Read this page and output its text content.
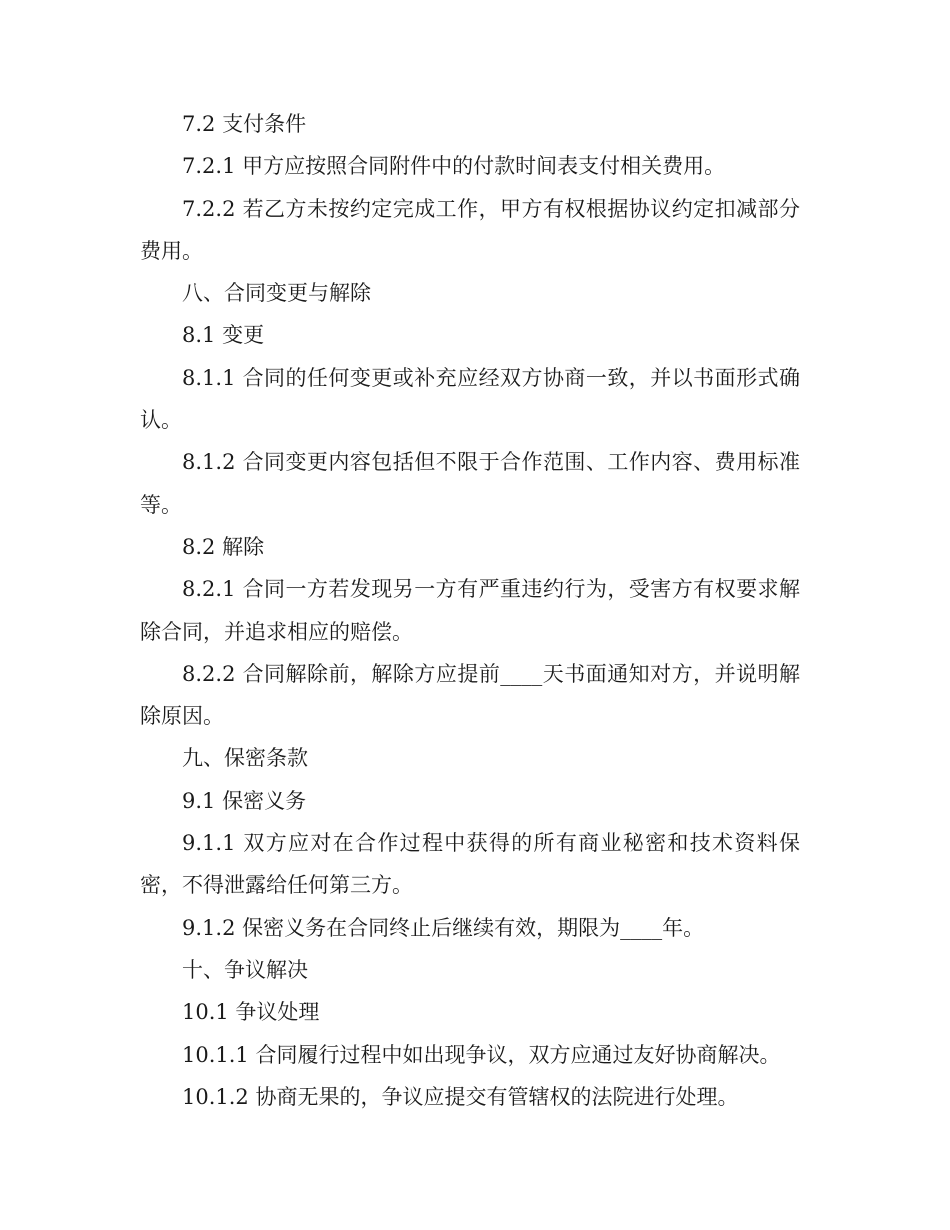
7.2 支付条件

7.2.1 甲方应按照合同附件中的付款时间表支付相关费用。

7.2.2 若乙方未按约定完成工作，甲方有权根据协议约定扣减部分费用。

八、合同变更与解除

8.1 变更

8.1.1 合同的任何变更或补充应经双方协商一致，并以书面形式确认。

8.1.2 合同变更内容包括但不限于合作范围、工作内容、费用标准等。

8.2 解除

8.2.1 合同一方若发现另一方有严重违约行为，受害方有权要求解除合同，并追求相应的赔偿。

8.2.2 合同解除前，解除方应提前____天书面通知对方，并说明解除原因。

九、保密条款

9.1 保密义务

9.1.1 双方应对在合作过程中获得的所有商业秘密和技术资料保密，不得泄露给任何第三方。

9.1.2 保密义务在合同终止后继续有效，期限为____年。

十、争议解决

10.1 争议处理

10.1.1 合同履行过程中如出现争议，双方应通过友好协商解决。

10.1.2 协商无果的，争议应提交有管辖权的法院进行处理。
